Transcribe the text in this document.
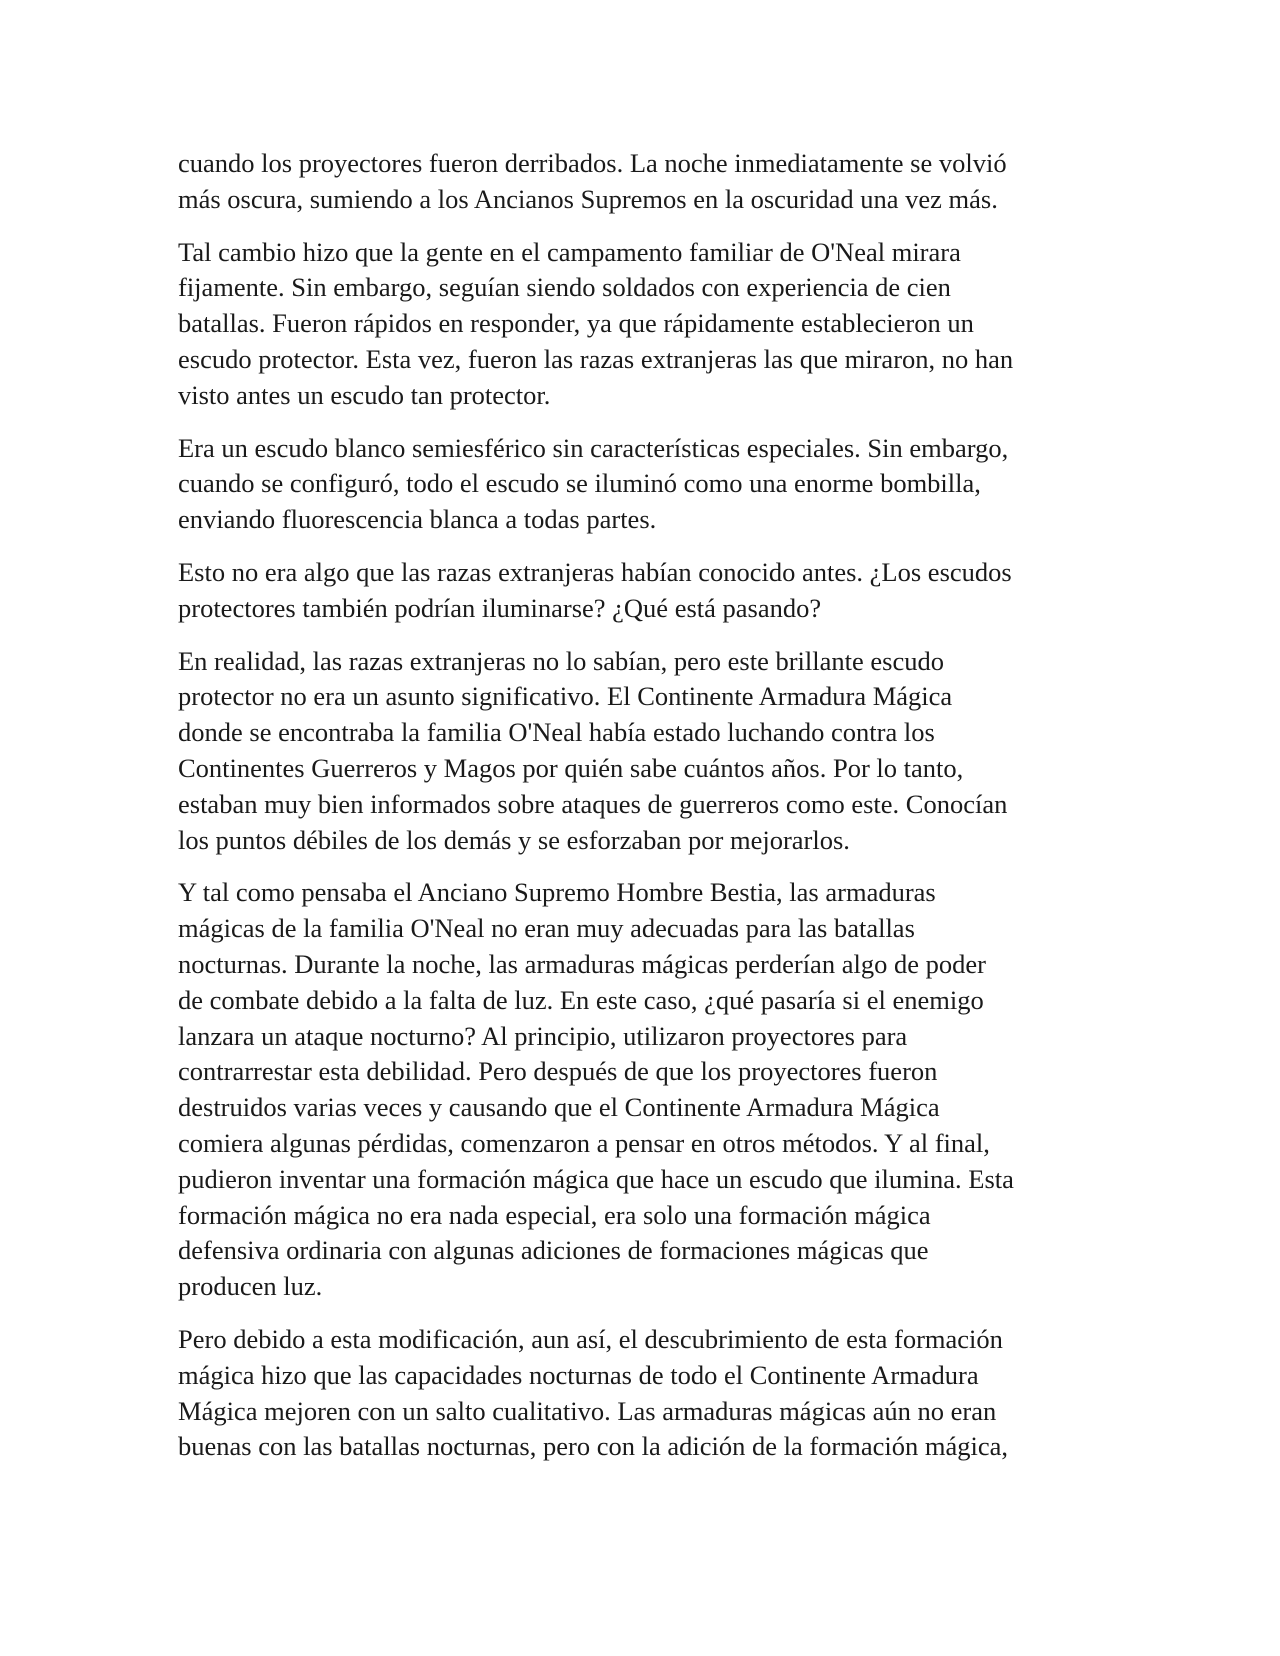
cuando los proyectores fueron derribados. La noche inmediatamente se volvió
más oscura, sumiendo a los Ancianos Supremos en la oscuridad una vez más.

Tal cambio hizo que la gente en el campamento familiar de O'Neal mirara
fijamente. Sin embargo, seguían siendo soldados con experiencia de cien
batallas. Fueron rápidos en responder, ya que rápidamente establecieron un
escudo protector. Esta vez, fueron las razas extranjeras las que miraron, no han
visto antes un escudo tan protector.

Era un escudo blanco semiesférico sin características especiales. Sin embargo,
cuando se configuró, todo el escudo se iluminó como una enorme bombilla,
enviando fluorescencia blanca a todas partes.

Esto no era algo que las razas extranjeras habían conocido antes. ¿Los escudos
protectores también podrían iluminarse? ¿Qué está pasando?

En realidad, las razas extranjeras no lo sabían, pero este brillante escudo
protector no era un asunto significativo. El Continente Armadura Mágica
donde se encontraba la familia O'Neal había estado luchando contra los
Continentes Guerreros y Magos por quién sabe cuántos años. Por lo tanto,
estaban muy bien informados sobre ataques de guerreros como este. Conocían
los puntos débiles de los demás y se esforzaban por mejorarlos.

Y tal como pensaba el Anciano Supremo Hombre Bestia, las armaduras
mágicas de la familia O'Neal no eran muy adecuadas para las batallas
nocturnas. Durante la noche, las armaduras mágicas perderían algo de poder
de combate debido a la falta de luz. En este caso, ¿qué pasaría si el enemigo
lanzara un ataque nocturno? Al principio, utilizaron proyectores para
contrarrestar esta debilidad. Pero después de que los proyectores fueron
destruidos varias veces y causando que el Continente Armadura Mágica
comiera algunas pérdidas, comenzaron a pensar en otros métodos. Y al final,
pudieron inventar una formación mágica que hace un escudo que ilumina. Esta
formación mágica no era nada especial, era solo una formación mágica
defensiva ordinaria con algunas adiciones de formaciones mágicas que
producen luz.

Pero debido a esta modificación, aun así, el descubrimiento de esta formación
mágica hizo que las capacidades nocturnas de todo el Continente Armadura
Mágica mejoren con un salto cualitativo. Las armaduras mágicas aún no eran
buenas con las batallas nocturnas, pero con la adición de la formación mágica,
